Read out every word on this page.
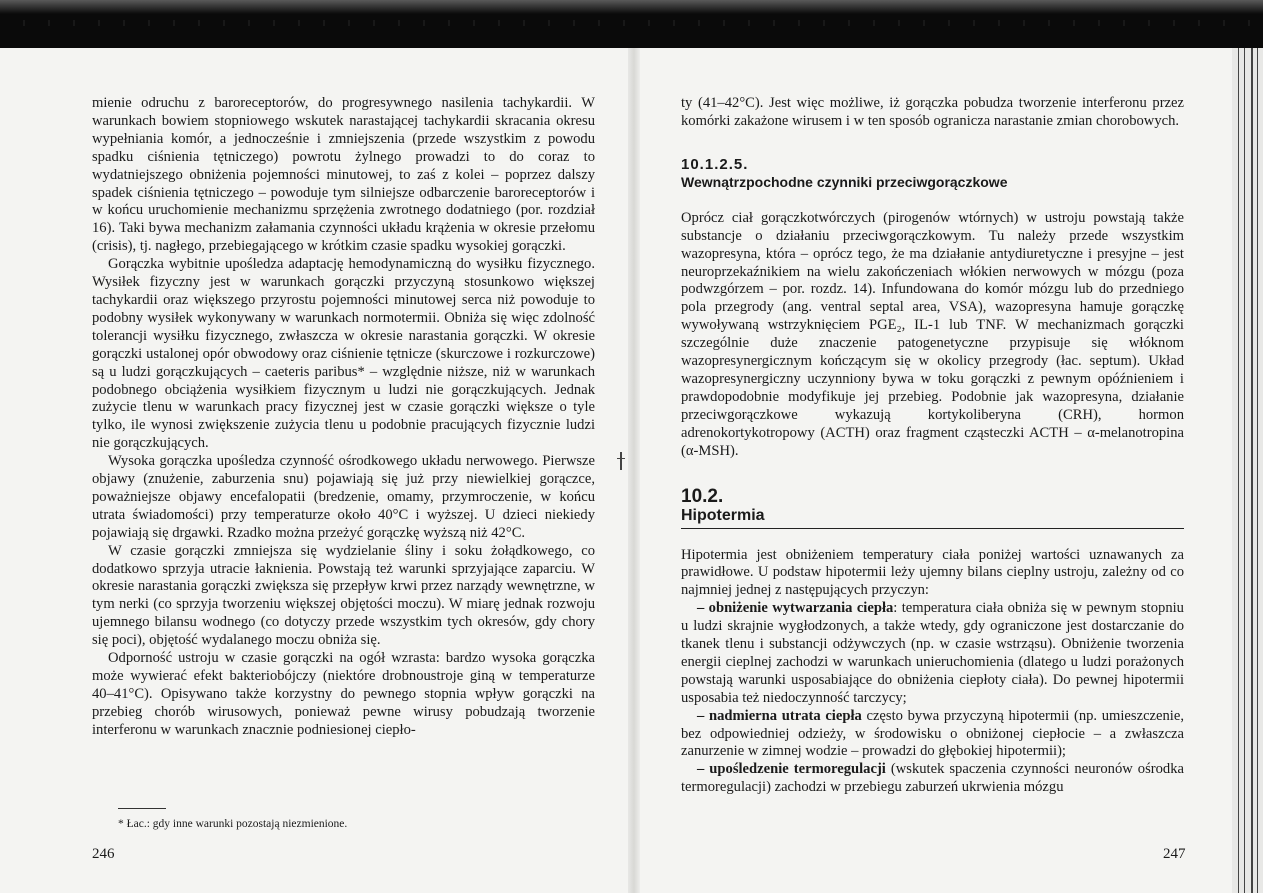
mienie odruchu z baroreceptorów, do progresywnego nasilenia tachykardii. W warunkach bowiem stopniowego wskutek narastającej tachykardii skracania okresu wypełniania komór, a jednocześnie i zmniejszenia (przede wszystkim z powodu spadku ciśnienia tętniczego) powrotu żylnego prowadzi to do coraz to wydatniejszego obniżenia pojemności minutowej, to zaś z kolei – poprzez dalszy spadek ciśnienia tętniczego – powoduje tym silniejsze odbarczenie baroreceptorów i w końcu uruchomienie mechanizmu sprzężenia zwrotnego dodatniego (por. rozdział 16). Taki bywa mechanizm załamania czynności układu krążenia w okresie przełomu (crisis), tj. nagłego, przebiegającego w krótkim czasie spadku wysokiej gorączki.

Gorączka wybitnie upośledza adaptację hemodynamiczną do wysiłku fizycznego. Wysiłek fizyczny jest w warunkach gorączki przyczyną stosunkowo większej tachykardii oraz większego przyrostu pojemności minutowej serca niż powoduje to podobny wysiłek wykonywany w warunkach normotermii. Obniża się więc zdolność tolerancji wysiłku fizycznego, zwłaszcza w okresie narastania gorączki. W okresie gorączki ustalonej opór obwodowy oraz ciśnienie tętnicze (skurczowe i rozkurczowe) są u ludzi gorączkujących – caeteris paribus* – względnie niższe, niż w warunkach podobnego obciążenia wysiłkiem fizycznym u ludzi nie gorączkujących. Jednak zużycie tlenu w warunkach pracy fizycznej jest w czasie gorączki większe o tyle tylko, ile wynosi zwiększenie zużycia tlenu u podobnie pracujących fizycznie ludzi nie gorączkujących.

Wysoka gorączka upośledza czynność ośrodkowego układu nerwowego. Pierwsze objawy (znużenie, zaburzenia snu) pojawiają się już przy niewielkiej gorączce, poważniejsze objawy encefalopatii (bredzenie, omamy, przymroczenie, w końcu utrata świadomości) przy temperaturze około 40°C i wyższej. U dzieci niekiedy pojawiają się drgawki. Rzadko można przeżyć gorączkę wyższą niż 42°C.

W czasie gorączki zmniejsza się wydzielanie śliny i soku żołądkowego, co dodatkowo sprzyja utracie łaknienia. Powstają też warunki sprzyjające zaparciu. W okresie narastania gorączki zwiększa się przepływ krwi przez narządy wewnętrzne, w tym nerki (co sprzyja tworzeniu większej objętości moczu). W miarę jednak rozwoju ujemnego bilansu wodnego (co dotyczy przede wszystkim tych okresów, gdy chory się poci), objętość wydalanego moczu obniża się.

Odporność ustroju w czasie gorączki na ogół wzrasta: bardzo wysoka gorączka może wywierać efekt bakteriobójczy (niektóre drobnoustroje giną w temperaturze 40–41°C). Opisywano także korzystny do pewnego stopnia wpływ gorączki na przebieg chorób wirusowych, ponieważ pewne wirusy pobudzają tworzenie interferonu w warunkach znacznie podniesionej ciepło-

* Łac.: gdy inne warunki pozostają niezmienione.
246

ty (41–42°C). Jest więc możliwe, iż gorączka pobudza tworzenie interferonu przez komórki zakażone wirusem i w ten sposób ogranicza narastanie zmian chorobowych.

10.1.2.5.
Wewnątrzpochodne czynniki przeciwgorączkowe

Oprócz ciał gorączkotwórczych (pirogenów wtórnych) w ustroju powstają także substancje o działaniu przeciwgorączkowym. Tu należy przede wszystkim wazopresyna, która – oprócz tego, że ma działanie antydiuretyczne i presyjne – jest neuroprzekaźnikiem na wielu zakończeniach włókien nerwowych w mózgu (poza podwzgórzem – por. rozdz. 14). Infundowana do komór mózgu lub do przedniego pola przegrody (ang. ventral septal area, VSA), wazopresyna hamuje gorączkę wywoływaną wstrzyknięciem PGE₂, IL-1 lub TNF. W mechanizmach gorączki szczególnie duże znaczenie patogenetyczne przypisuje się włóknom wazopresynergicznym kończącym się w okolicy przegrody (łac. septum). Układ wazopresynergiczny uczynniony bywa w toku gorączki z pewnym opóźnieniem i prawdopodobnie modyfikuje jej przebieg. Podobnie jak wazopresyna, działanie przeciwgorączkowe wykazują kortykoliberyna (CRH), hormon adrenokortykotropowy (ACTH) oraz fragment cząsteczki ACTH – α-melanotropina (α-MSH).

10.2.
Hipotermia

Hipotermia jest obniżeniem temperatury ciała poniżej wartości uznawanych za prawidłowe. U podstaw hipotermii leży ujemny bilans cieplny ustroju, zależny od co najmniej jednej z następujących przyczyn:

– obniżenie wytwarzania ciepła: temperatura ciała obniża się w pewnym stopniu u ludzi skrajnie wygłodzonych, a także wtedy, gdy ograniczone jest dostarczanie do tkanek tlenu i substancji odżywczych (np. w czasie wstrząsu). Obniżenie tworzenia energii cieplnej zachodzi w warunkach unieruchomienia (dlatego u ludzi porażonych powstają warunki usposabiające do obniżenia ciepłoty ciała). Do pewnej hipotermii usposabia też niedoczynność tarczycy;

– nadmierna utrata ciepła często bywa przyczyną hipotermii (np. umieszczenie, bez odpowiedniej odzieży, w środowisku o obniżonej ciepłocie – a zwłaszcza zanurzenie w zimnej wodzie – prowadzi do głębokiej hipotermii);

– upośledzenie termoregulacji (wskutek spaczenia czynności neuronów ośrodka termoregulacji) zachodzi w przebiegu zaburzeń ukrwienia mózgu

247
